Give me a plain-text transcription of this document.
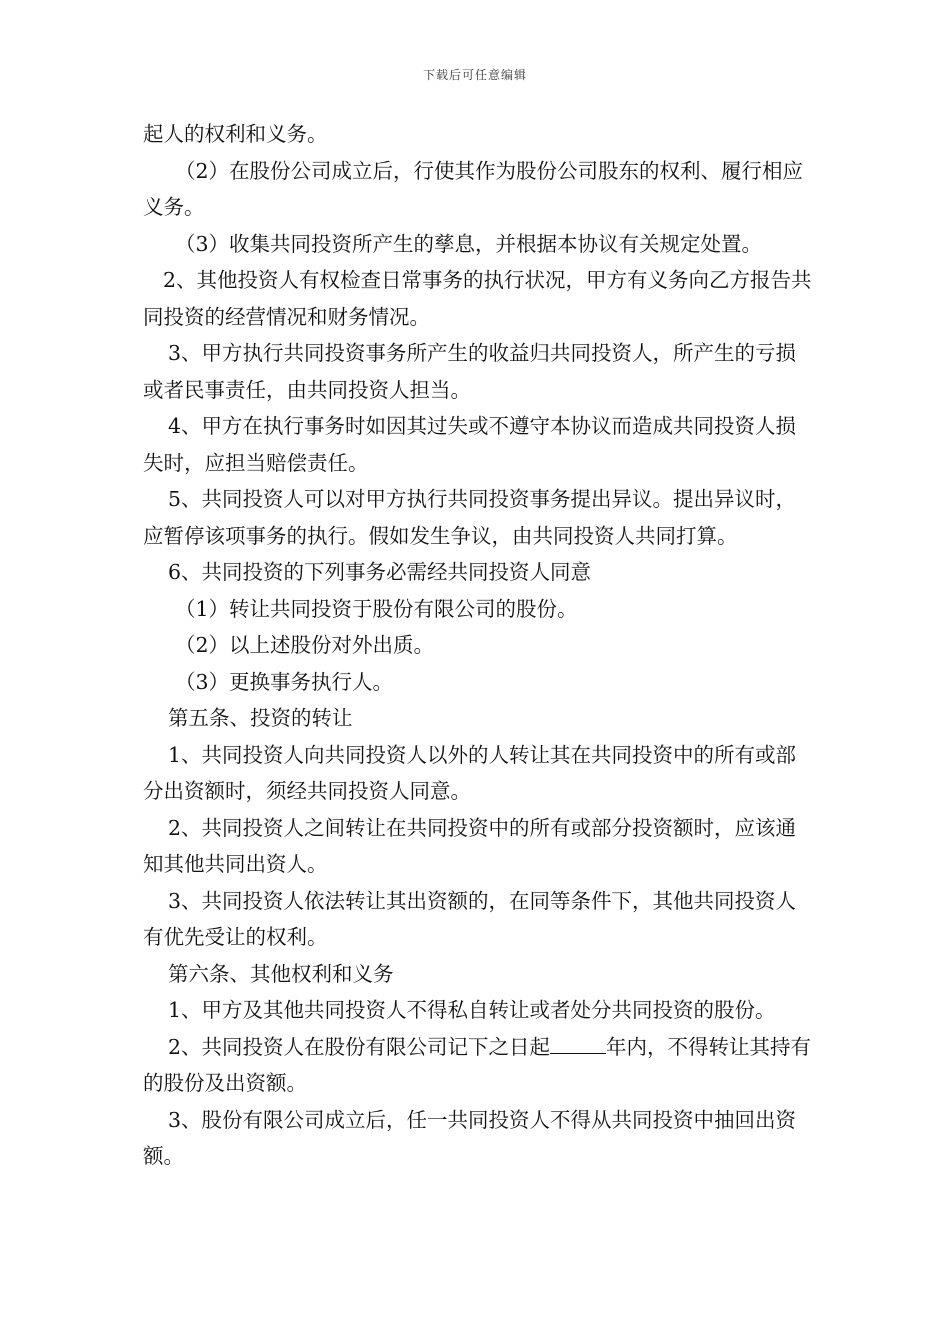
下载后可任意编辑

起人的权利和义务。

（2）在股份公司成立后，行使其作为股份公司股东的权利、履行相应义务。

（3）收集共同投资所产生的孳息，并根据本协议有关规定处置。

2、其他投资人有权检查日常事务的执行状况，甲方有义务向乙方报告共同投资的经营情况和财务情况。

3、甲方执行共同投资事务所产生的收益归共同投资人，所产生的亏损或者民事责任，由共同投资人担当。

4、甲方在执行事务时如因其过失或不遵守本协议而造成共同投资人损失时，应担当赔偿责任。

5、共同投资人可以对甲方执行共同投资事务提出异议。提出异议时，应暂停该项事务的执行。假如发生争议，由共同投资人共同打算。

6、共同投资的下列事务必需经共同投资人同意

（1）转让共同投资于股份有限公司的股份。

（2）以上述股份对外出质。

（3）更换事务执行人。

第五条、投资的转让

1、共同投资人向共同投资人以外的人转让其在共同投资中的所有或部分出资额时，须经共同投资人同意。

2、共同投资人之间转让在共同投资中的所有或部分投资额时，应该通知其他共同出资人。

3、共同投资人依法转让其出资额的，在同等条件下，其他共同投资人有优先受让的权利。

第六条、其他权利和义务

1、甲方及其他共同投资人不得私自转让或者处分共同投资的股份。

2、共同投资人在股份有限公司记下之日起	年内，不得转让其持有的股份及出资额。

3、股份有限公司成立后，任一共同投资人不得从共同投资中抽回出资额。
